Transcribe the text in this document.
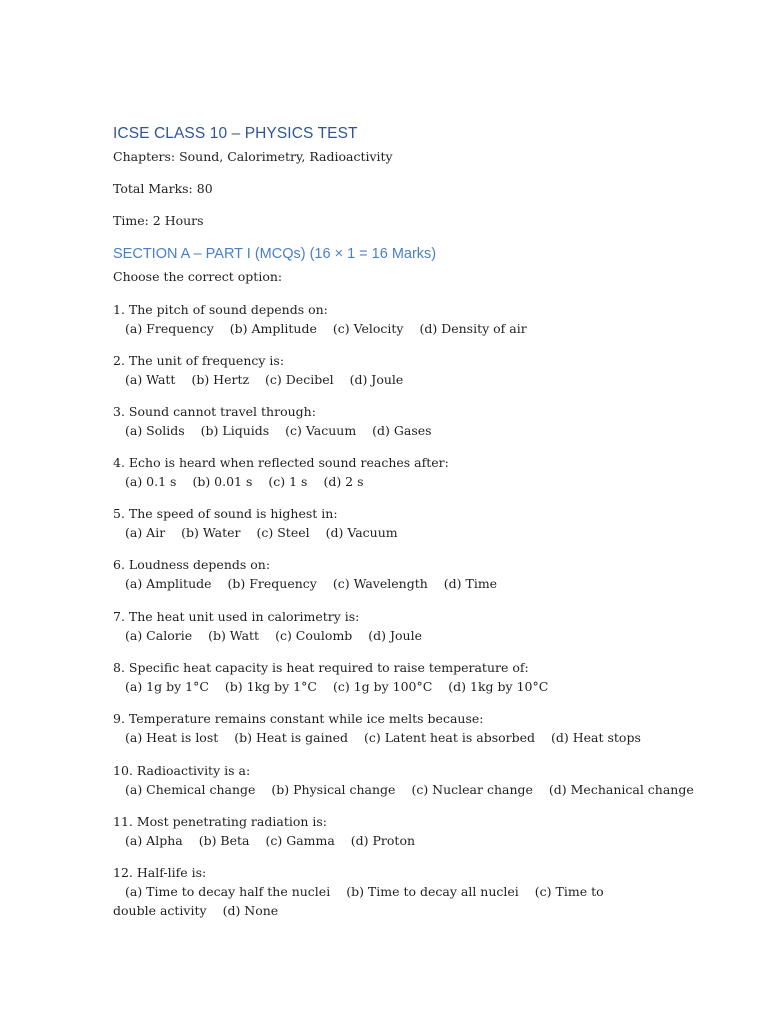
ICSE CLASS 10 – PHYSICS TEST
Chapters: Sound, Calorimetry, Radioactivity
Total Marks: 80
Time: 2 Hours
SECTION A – PART I (MCQs) (16 × 1 = 16 Marks)
Choose the correct option:
1. The pitch of sound depends on:
(a) Frequency (b) Amplitude (c) Velocity (d) Density of air
2. The unit of frequency is:
(a) Watt (b) Hertz (c) Decibel (d) Joule
3. Sound cannot travel through:
(a) Solids (b) Liquids (c) Vacuum (d) Gases
4. Echo is heard when reflected sound reaches after:
(a) 0.1 s (b) 0.01 s (c) 1 s (d) 2 s
5. The speed of sound is highest in:
(a) Air (b) Water (c) Steel (d) Vacuum
6. Loudness depends on:
(a) Amplitude (b) Frequency (c) Wavelength (d) Time
7. The heat unit used in calorimetry is:
(a) Calorie (b) Watt (c) Coulomb (d) Joule
8. Specific heat capacity is heat required to raise temperature of:
(a) 1g by 1°C (b) 1kg by 1°C (c) 1g by 100°C (d) 1kg by 10°C
9. Temperature remains constant while ice melts because:
(a) Heat is lost (b) Heat is gained (c) Latent heat is absorbed (d) Heat stops
10. Radioactivity is a:
(a) Chemical change (b) Physical change (c) Nuclear change (d) Mechanical change
11. Most penetrating radiation is:
(a) Alpha (b) Beta (c) Gamma (d) Proton
12. Half-life is:
(a) Time to decay half the nuclei (b) Time to decay all nuclei (c) Time to double activity (d) None
